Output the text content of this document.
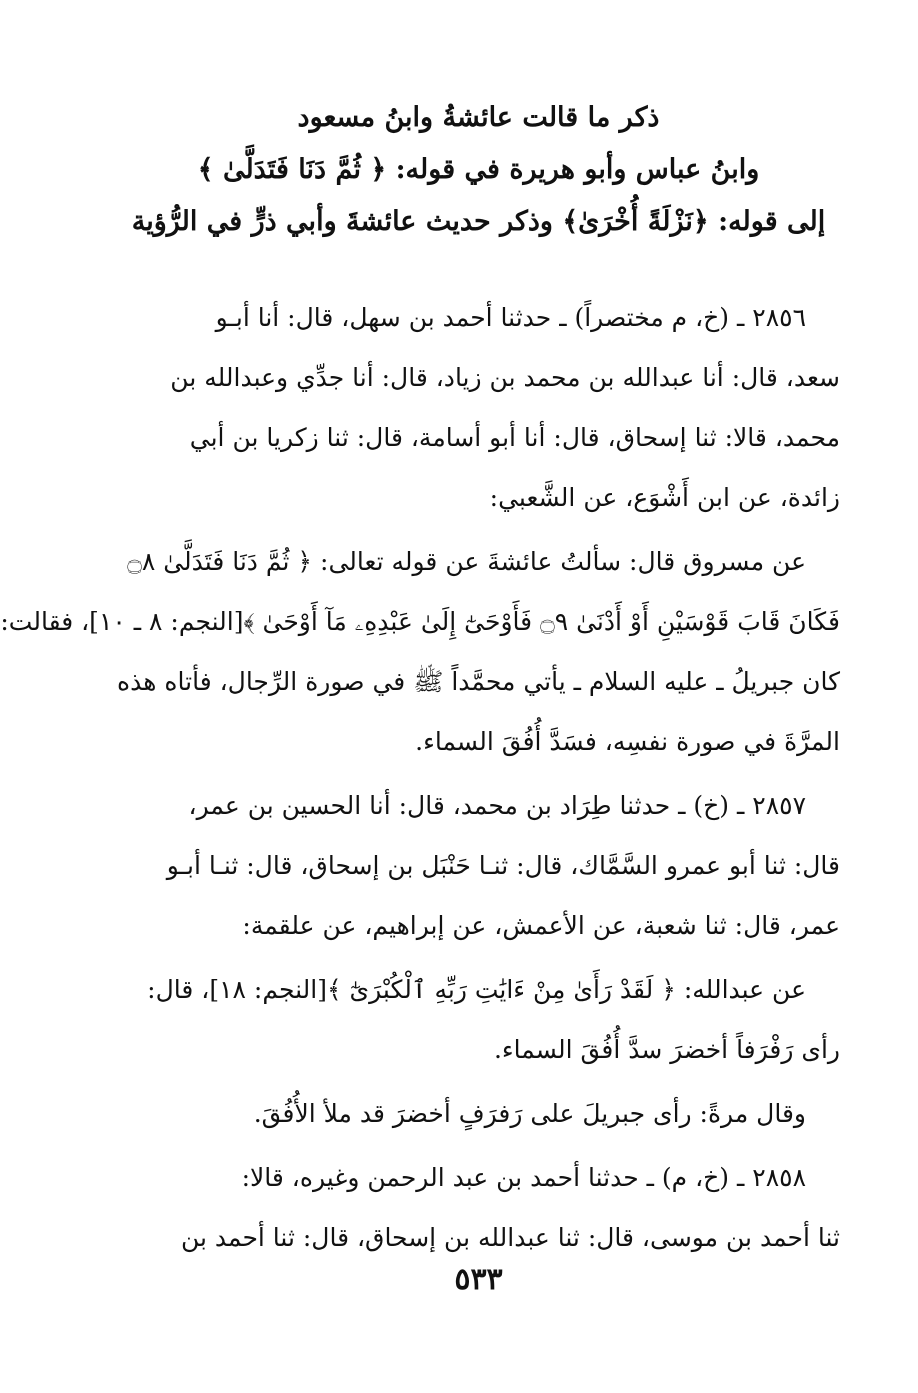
ذكر ما قالت عائشةُ وابنُ مسعود
وابنُ عباس وأبو هريرة في قوله: ﴿ ثُمَّ دَنَا فَتَدَلَّىٰ ﴾
إلى قوله: ﴿نَزْلَةً أُخْرَىٰ﴾ وذكر حديث عائشةَ وأبي ذرٍّ في الرُّؤية
٢٨٥٦ ـ (خ، م مختصراً) ـ حدثنا أحمد بن سهل، قال: أنا أبـو
سعد، قال: أنا عبدالله بن محمد بن زياد، قال: أنا جدِّي وعبدالله بن
محمد، قالا: ثنا إسحاق، قال: أنا أبو أسامة، قال: ثنا زكريا بن أبي
زائدة، عن ابن أَشْوَع، عن الشَّعبي:
عن مسروق قال: سألتُ عائشةَ عن قوله تعالى: ﴿ ثُمَّ دَنَا فَتَدَلَّىٰ ۝٨
فَكَانَ قَابَ قَوْسَيْنِ أَوْ أَدْنَىٰ ۝٩ فَأَوْحَىٰٓ إِلَىٰ عَبْدِهِۦ مَآ أَوْحَىٰ ﴾[النجم: ٨ ـ ١٠]، فقالت:
كان جبريلُ ـ عليه السلام ـ يأتي محمَّداً ﷺ في صورة الرِّجال، فأتاه هذه
المرَّةَ في صورة نفسِه، فسَدَّ أُفُقَ السماء.
٢٨٥٧ ـ (خ) ـ حدثنا طِرَاد بن محمد، قال: أنا الحسين بن عمر،
قال: ثنا أبو عمرو السَّمَّاك، قال: ثنـا حَنْبَل بن إسحاق، قال: ثنـا أبـو
عمر، قال: ثنا شعبة، عن الأعمش، عن إبراهيم، عن علقمة:
عن عبدالله: ﴿ لَقَدْ رَأَىٰ مِنْ ءَايَٰتِ رَبِّهِ ٱلْكُبْرَىٰٓ ﴾[النجم: ١٨]، قال:
رأى رَفْرَفاً أخضرَ سدَّ أُفُقَ السماء.
وقال مرةً: رأى جبريلَ على رَفرَفٍ أخضرَ قد ملأ الأُفُقَ.
٢٨٥٨ ـ (خ، م) ـ حدثنا أحمد بن عبد الرحمن وغيره، قالا:
ثنا أحمد بن موسى، قال: ثنا عبدالله بن إسحاق، قال: ثنا أحمد بن
٥٣٣
